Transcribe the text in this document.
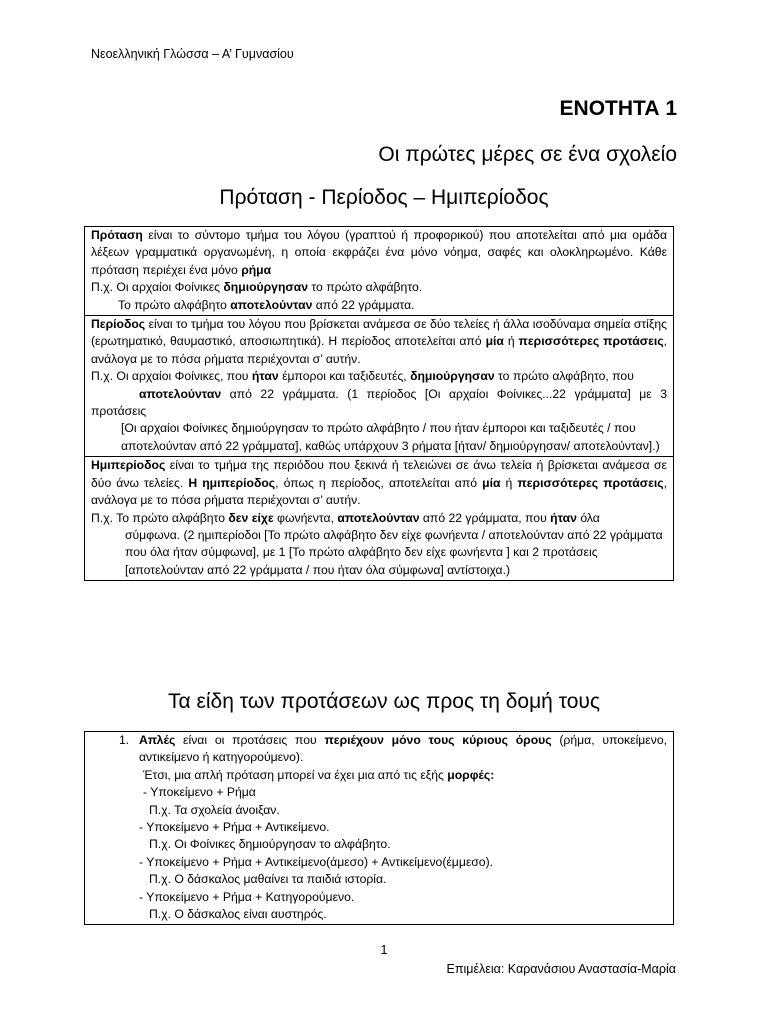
Νεοελληνική Γλώσσα – Α’ Γυμνασίου
ΕΝΟΤΗΤΑ 1
Οι πρώτες μέρες σε ένα σχολείο
Πρόταση - Περίοδος – Ημιπερίοδος

Πρόταση είναι το σύντομο τμήμα του λόγου (γραπτού ή προφορικού) που αποτελείται από μια ομάδα λέξεων γραμματικά οργανωμένη, η οποία εκφράζει ένα μόνο νόημα, σαφές και ολοκληρωμένο. Κάθε πρόταση περιέχει ένα μόνο ρήμα

Π.χ. Οι αρχαίοι Φοίνικες δημιούργησαν το πρώτο αλφάβητο.

Το πρώτο αλφάβητο αποτελούνταν από 22 γράμματα.

Περίοδος είναι το τμήμα του λόγου που βρίσκεται ανάμεσα σε δύο τελείες ή άλλα ισοδύναμα σημεία στίξης (ερωτηματικό, θαυμαστικό, αποσιωπητικά). Η περίοδος αποτελείται από μία ή περισσότερες προτάσεις, ανάλογα με το πόσα ρήματα περιέχονται σ’ αυτήν.

Π.χ. Οι αρχαίοι Φοίνικες, που ήταν έμποροι και ταξιδευτές, δημιούργησαν το πρώτο αλφάβητο, που

αποτελούνταν από 22 γράμματα. (1 περίοδος [Οι αρχαίοι Φοίνικες...22 γράμματα] με 3 προτάσεις

[Οι αρχαίοι Φοίνικες δημιούργησαν το πρώτο αλφάβητο / που ήταν έμποροι και ταξιδευτές / που

αποτελούνταν από 22 γράμματα], καθώς υπάρχουν 3 ρήματα [ήταν/ δημιούργησαν/ αποτελούνταν].)

Ημιπερίοδος είναι το τμήμα της περιόδου που ξεκινά ή τελειώνει σε άνω τελεία ή βρίσκεται ανάμεσα σε δύο άνω τελείες. Η ημιπερίοδος, όπως η περίοδος, αποτελείται από μία ή περισσότερες προτάσεις, ανάλογα με το πόσα ρήματα περιέχονται σ’ αυτήν.

Π.χ. Το πρώτο αλφάβητο δεν είχε φωνήεντα, αποτελούνταν από 22 γράμματα, που ήταν όλα

σύμφωνα. (2 ημιπερίοδοι [Το πρώτο αλφάβητο δεν είχε φωνήεντα / αποτελούνταν από 22 γράμματα που όλα ήταν σύμφωνα], με 1 [Το πρώτο αλφάβητο δεν είχε φωνήεντα ] και 2 προτάσεις [αποτελούνταν από 22 γράμματα / που ήταν όλα σύμφωνα] αντίστοιχα.)

Τα είδη των προτάσεων ως προς τη δομή τους

1. Απλές είναι οι προτάσεις που περιέχουν μόνο τους κύριους όρους (ρήμα, υποκείμενο, αντικείμενο ή κατηγορούμενο).

Έτσι, μια απλή πρόταση μπορεί να έχει μια από τις εξής μορφές:

- Υποκείμενο + Ρήμα

Π.χ. Τα σχολεία άνοιξαν.

- Υποκείμενο + Ρήμα + Αντικείμενο.

Π.χ. Οι Φοίνικες δημιούργησαν το αλφάβητο.

- Υποκείμενο + Ρήμα + Αντικείμενο(άμεσο) + Αντικείμενο(έμμεσο).

Π.χ. Ο δάσκαλος μαθαίνει τα παιδιά ιστορία.

- Υποκείμενο + Ρήμα + Κατηγορούμενο.

Π.χ. Ο δάσκαλος είναι αυστηρός.

1
Επιμέλεια: Καρανάσιου Αναστασία-Μαρία
